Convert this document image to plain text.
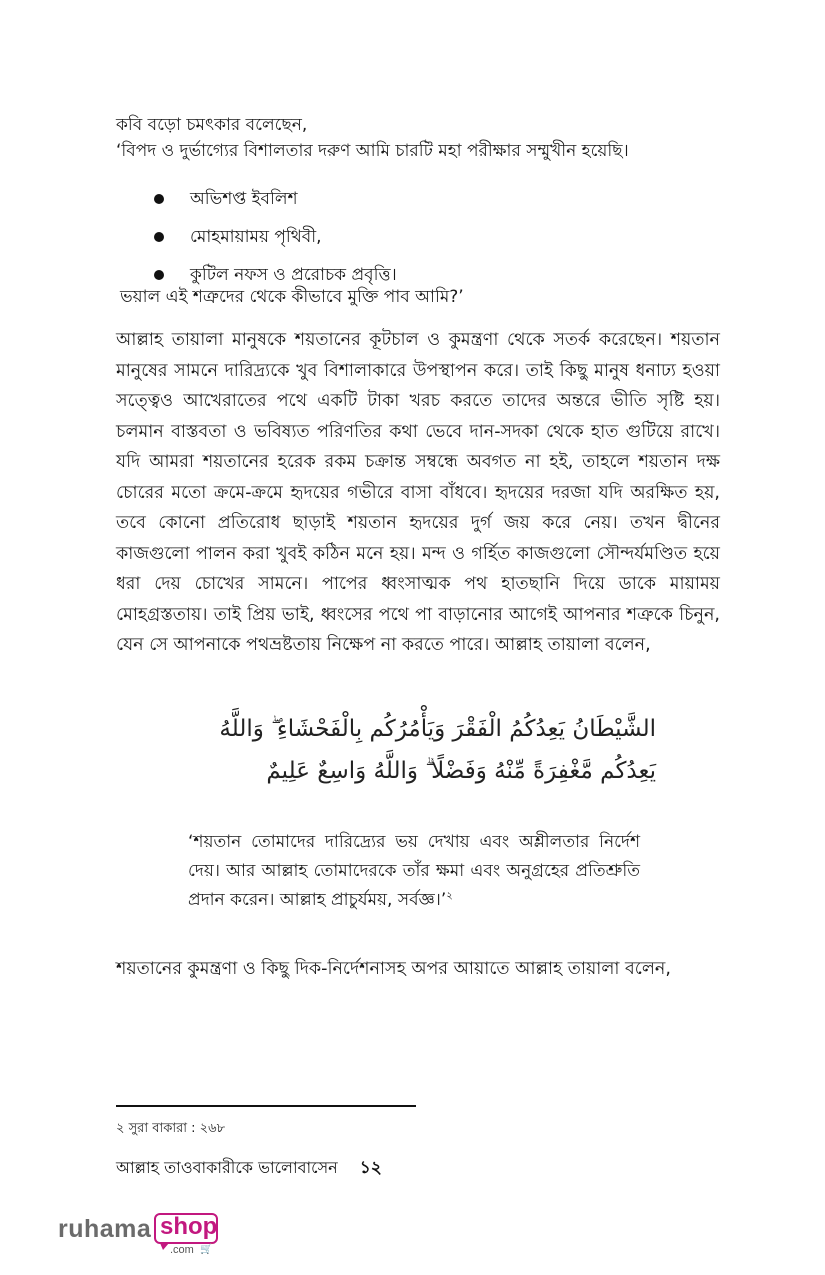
কবি বড়ো চমৎকার বলেছেন,
‘বিপদ ও দুর্ভাগ্যের বিশালতার দরুণ আমি চারটি মহা পরীক্ষার সম্মুখীন হয়েছি।
অভিশপ্ত ইবলিশ
মোহমায়াময় পৃথিবী,
কুটিল নফস ও প্ররোচক প্রবৃত্তি।
ভয়াল এই শত্রুদের থেকে কীভাবে মুক্তি পাব আমি?’

আল্লাহ তায়ালা মানুষকে শয়তানের কূটচাল ও কুমন্ত্রণা থেকে সতর্ক করেছেন। শয়তান মানুষের সামনে দারিদ্র্যকে খুব বিশালাকারে উপস্থাপন করে। তাই কিছু মানুষ ধনাঢ্য হওয়া সত্ত্বেও আখেরাতের পথে একটি টাকা খরচ করতে তাদের অন্তরে ভীতি সৃষ্টি হয়। চলমান বাস্তবতা ও ভবিষ্যত পরিণতির কথা ভেবে দান-সদকা থেকে হাত গুটিয়ে রাখে। যদি আমরা শয়তানের হরেক রকম চক্রান্ত সম্বন্ধে অবগত না হই, তাহলে শয়তান দক্ষ চোরের মতো ক্রমে-ক্রমে হৃদয়ের গভীরে বাসা বাঁধবে। হৃদয়ের দরজা যদি অরক্ষিত হয়, তবে কোনো প্রতিরোধ ছাড়াই শয়তান হৃদয়ের দুর্গ জয় করে নেয়। তখন দ্বীনের কাজগুলো পালন করা খুবই কঠিন মনে হয়। মন্দ ও গর্হিত কাজগুলো সৌন্দর্যমণ্ডিত হয়ে ধরা দেয় চোখের সামনে। পাপের ধ্বংসাত্মক পথ হাতছানি দিয়ে ডাকে মায়াময় মোহগ্রস্ততায়। তাই প্রিয় ভাই, ধ্বংসের পথে পা বাড়ানোর আগেই আপনার শত্রুকে চিনুন, যেন সে আপনাকে পথভ্রষ্টতায় নিক্ষেপ না করতে পারে। আল্লাহ তায়ালা বলেন,

الشَّيْطَانُ يَعِدُكُمُ الْفَقْرَ وَيَأْمُرُكُم بِالْفَحْشَاءِ ۖ وَاللَّهُ
يَعِدُكُم مَّغْفِرَةً مِّنْهُ وَفَضْلًا ۗ وَاللَّهُ وَاسِعٌ عَلِيمٌ
‘শয়তান তোমাদের দারিদ্র্যের ভয় দেখায় এবং অশ্লীলতার নির্দেশ দেয়। আর আল্লাহ তোমাদেরকে তাঁর ক্ষমা এবং অনুগ্রহের প্রতিশ্রুতি প্রদান করেন। আল্লাহ প্রাচুর্যময়, সর্বজ্ঞ।’$^২$

শয়তানের কুমন্ত্রণা ও কিছু দিক-নির্দেশনাসহ অপর আয়াতে আল্লাহ তায়ালা বলেন,

২ সুরা বাকারা : ২৬৮
আল্লাহ তাওবাকারীকে ভালোবাসেন ১২
ruhama shop
.com 🛒
